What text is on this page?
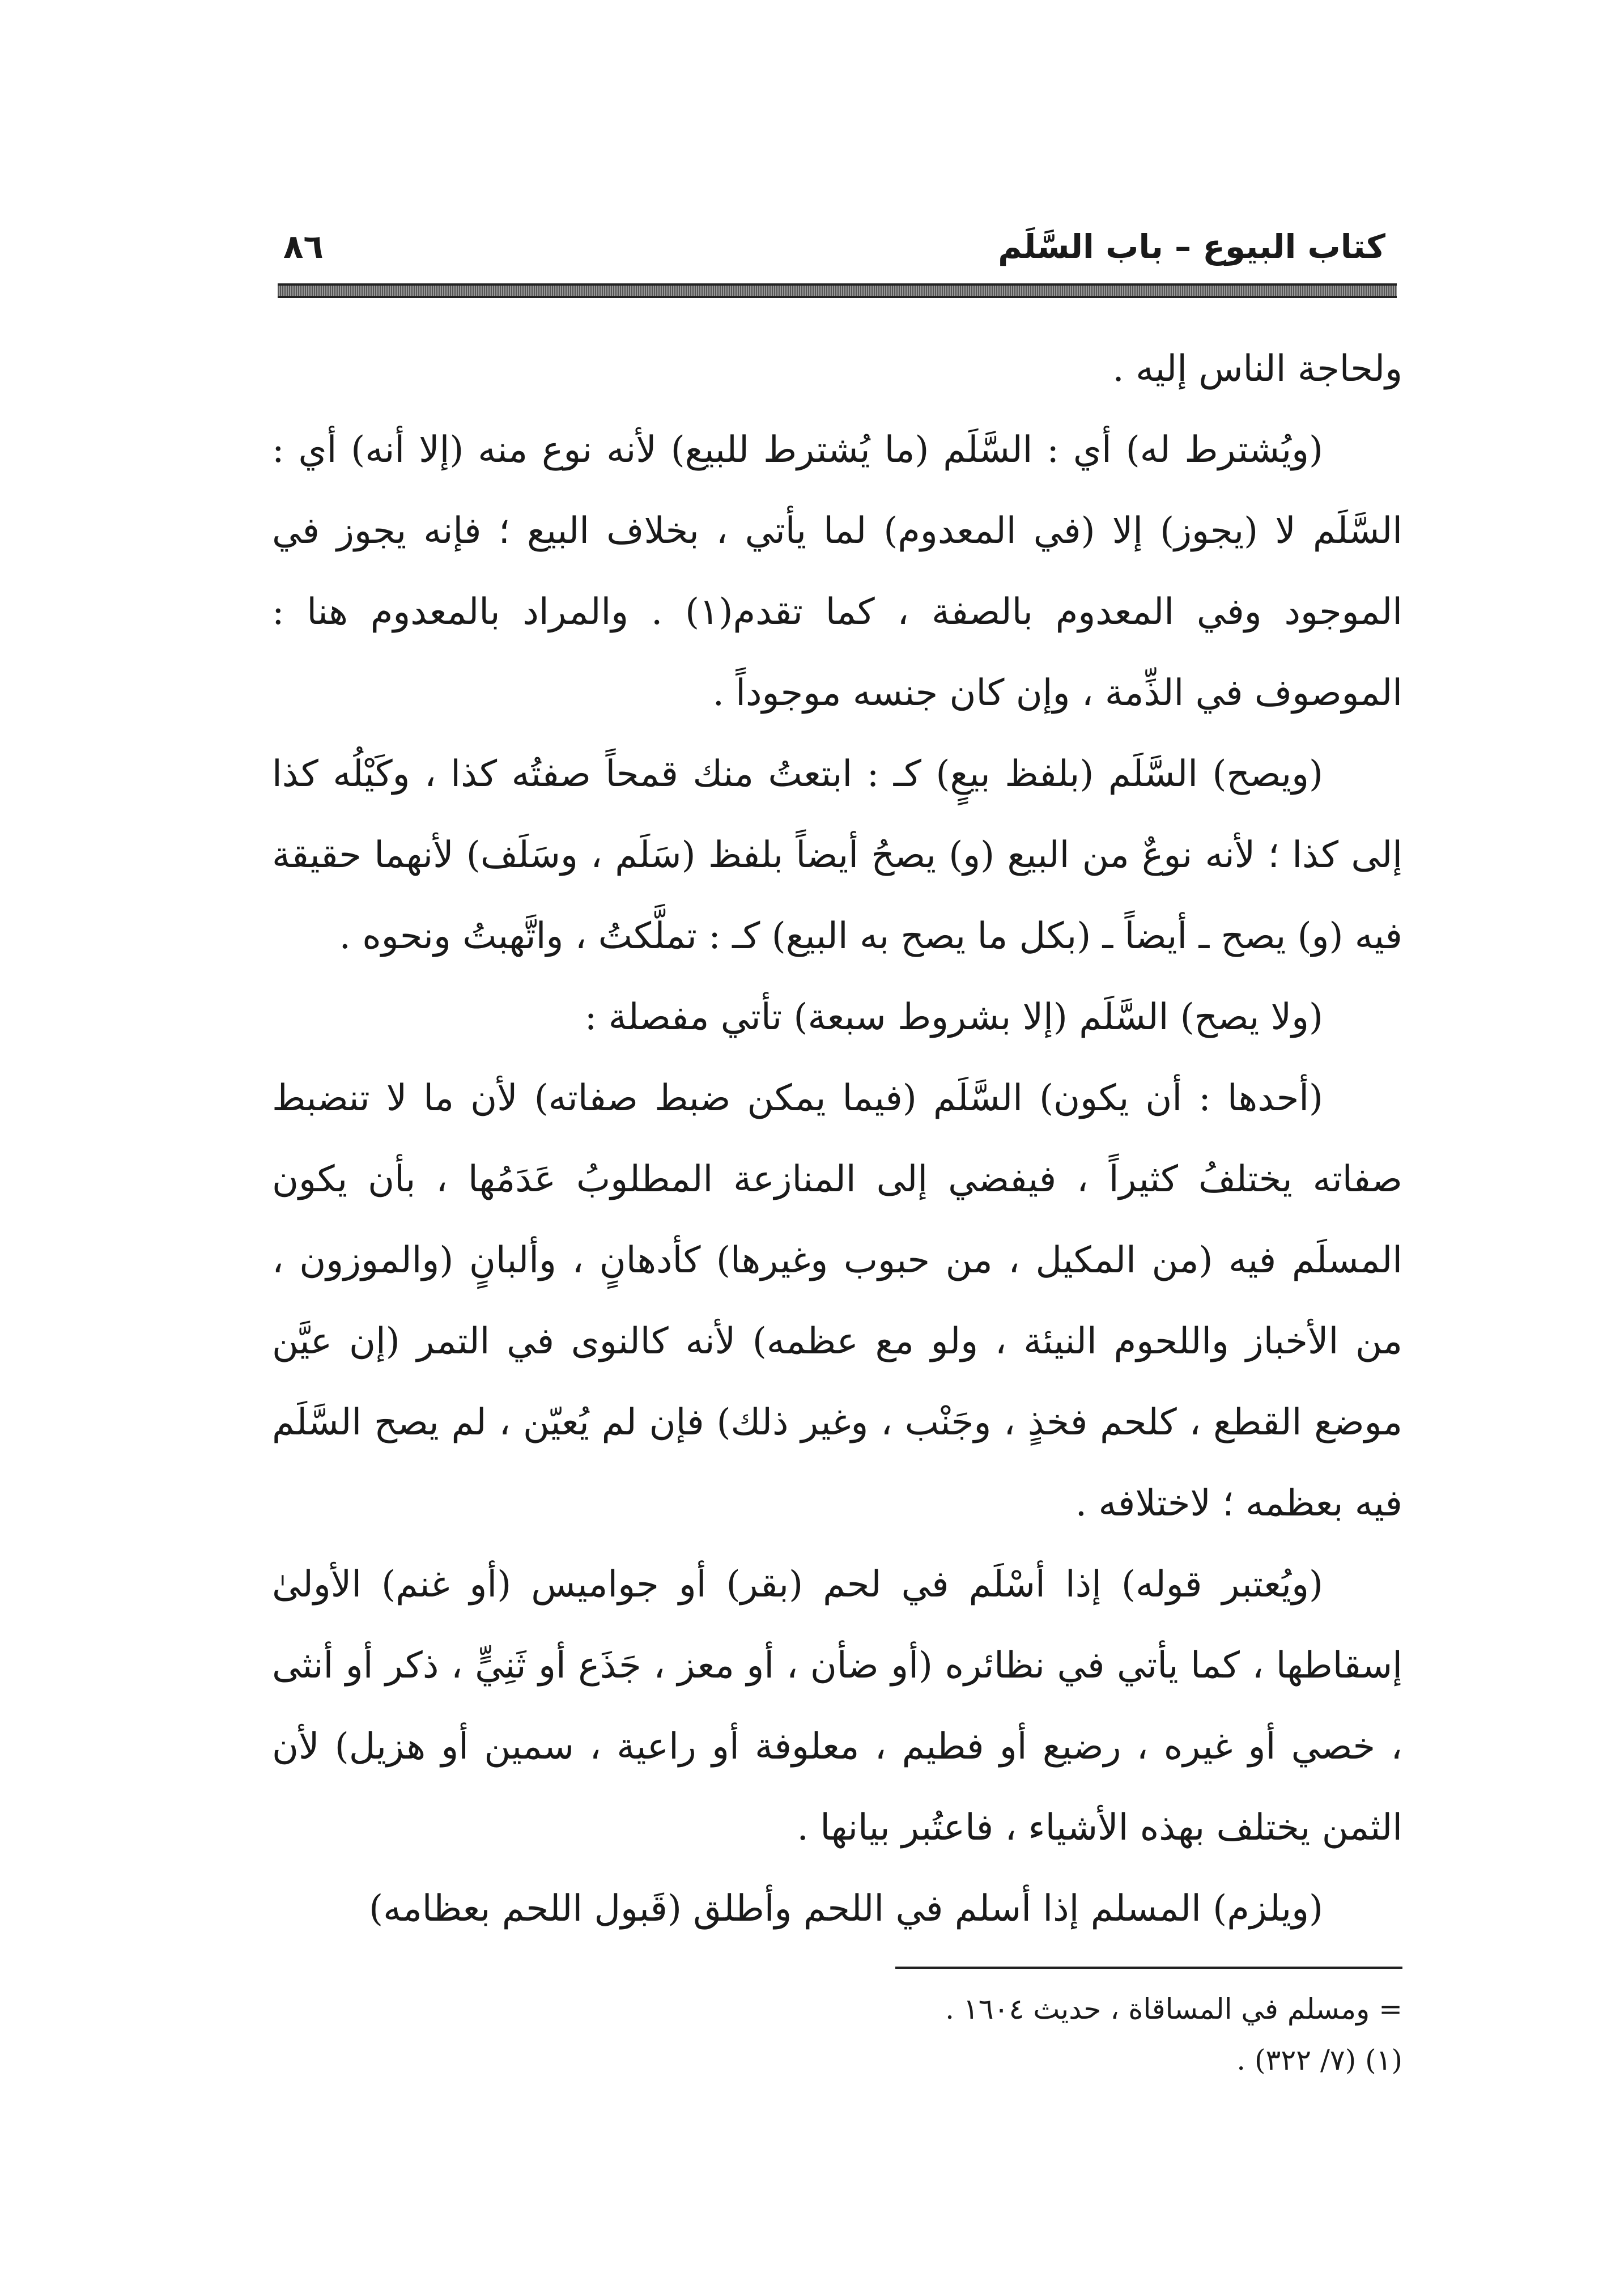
كتاب البيوع – باب السَّلَم
٨٦

ولحاجة الناس إليه .

(ويُشترط له) أي : السَّلَم (ما يُشترط للبيع) لأنه نوع منه (إلا أنه) أي : السَّلَم لا (يجوز) إلا (في المعدوم) لما يأتي ، بخلاف البيع ؛ فإنه يجوز في الموجود وفي المعدوم بالصفة ، كما تقدم(١) . والمراد بالمعدوم هنا : الموصوف في الذِّمة ، وإن كان جنسه موجوداً .

(ويصح) السَّلَم (بلفظ بيعٍ) كـ : ابتعتُ منك قمحاً صفتُه كذا ، وكَيْلُه كذا إلى كذا ؛ لأنه نوعٌ من البيع (و) يصحُ أيضاً بلفظ (سَلَم ، وسَلَف) لأنهما حقيقة فيه (و) يصح ـ أيضاً ـ (بكل ما يصح به البيع) كـ : تملَّكتُ ، واتَّهبتُ ونحوه .

(ولا يصح) السَّلَم (إلا بشروط سبعة) تأتي مفصلة :

(أحدها : أن يكون) السَّلَم (فيما يمكن ضبط صفاته) لأن ما لا تنضبط صفاته يختلفُ كثيراً ، فيفضي إلى المنازعة المطلوبُ عَدَمُها ، بأن يكون المسلَم فيه (من المكيل ، من حبوب وغيرها) كأدهانٍ ، وألبانٍ (والموزون ، من الأخباز واللحوم النيئة ، ولو مع عظمه) لأنه كالنوى في التمر (إن عيَّن موضع القطع ، كلحم فخذٍ ، وجَنْب ، وغير ذلك) فإن لم يُعيّن ، لم يصح السَّلَم فيه بعظمه ؛ لاختلافه .

(ويُعتبر قوله) إذا أسْلَم في لحم (بقر) أو جواميس (أو غنم) الأولىٰ إسقاطها ، كما يأتي في نظائره (أو ضأن ، أو معز ، جَذَع أو ثَنِيٍّ ، ذكر أو أنثى ، خصي أو غيره ، رضيع أو فطيم ، معلوفة أو راعية ، سمين أو هزيل) لأن الثمن يختلف بهذه الأشياء ، فاعتُبر بيانها .

(ويلزم) المسلم إذا أسلم في اللحم وأطلق (قَبول اللحم بعظامه)

= ومسلم في المساقاة ، حديث ١٦٠٤ .
(١) (٧/ ٣٢٢) .
